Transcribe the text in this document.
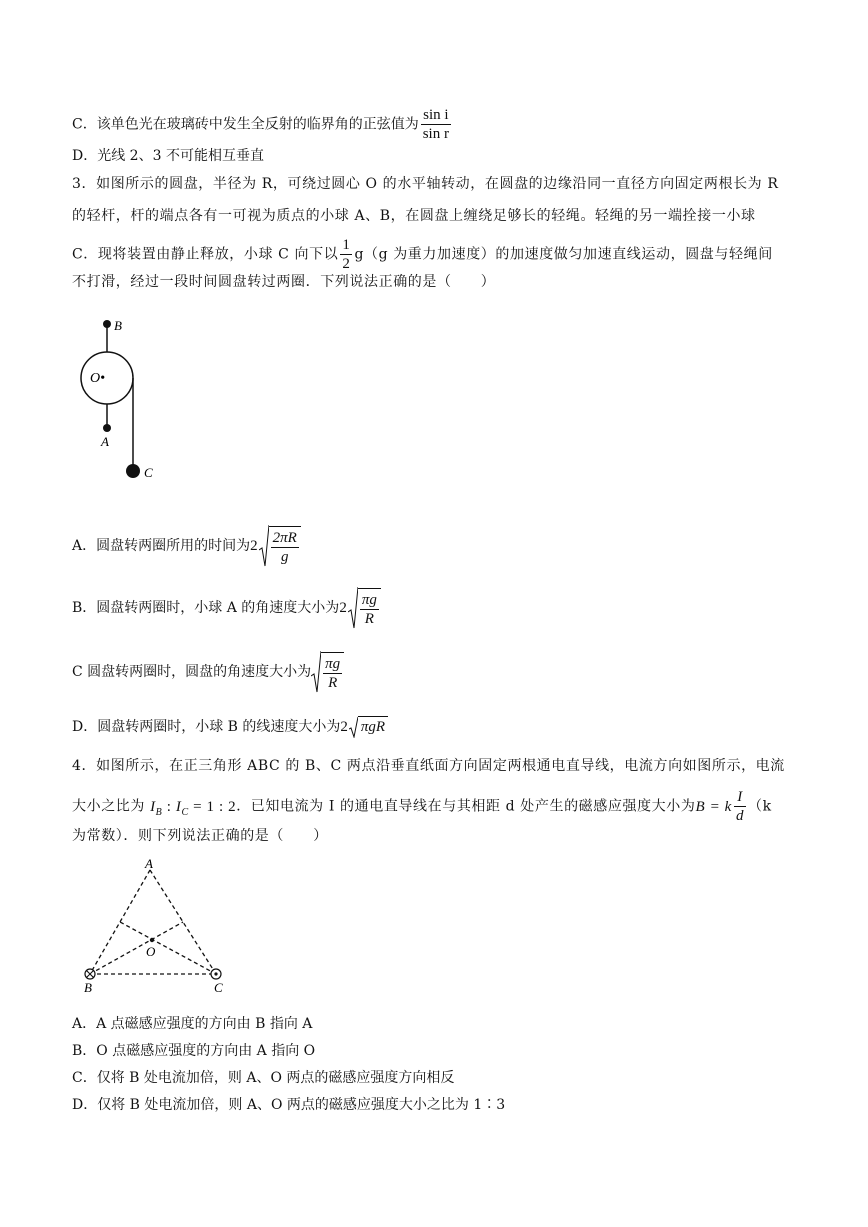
C．该单色光在玻璃砖中发生全反射的临界角的正弦值为 $\frac{\text{sin i}}{\text{sin r}}$
D．光线 2、3 不可能相互垂直
3．如图所示的圆盘，半径为 R，可绕过圆心 O 的水平轴转动，在圆盘的边缘沿同一直径方向固定两根长为 R
的轻杆，杆的端点各有一可视为质点的小球 A、B，在圆盘上缠绕足够长的轻绳。轻绳的另一端拴接一小球
C．现将装置由静止释放，小球 C 向下以 $\frac{1}{2} g(g$ 为重力加速度）的加速度做匀加速直线运动，圆盘与轻绳间
不打滑，经过一段时间圆盘转过两圈．下列说法正确的是（　　）
B
O•
A
C
A．圆盘转两圈所用的时间为 $2 \frac{2\pi R}{g}$
B．圆盘转两圈时，小球 A 的角速度大小为 $2 \frac{\pi g}{R}$
C 圆盘转两圈时，圆盘的角速度大小为 $\frac{\pi g}{R}$
D．圆盘转两圈时，小球 B 的线速度大小为 2 πgR
4．如图所示，在正三角形 ABC 的 B、C 两点沿垂直纸面方向固定两根通电直导线，电流方向如图所示，电流
大小之比为 $I_B$ : $I_C = 1$ : 2．已知电流为 I 的通电直导线在与其相距 d 处产生的磁感应强度大小为B = k $\frac{I}{d} (k$
为常数）．则下列说法正确的是（　　）
A
O
B	C
A．A 点磁感应强度的方向由 B 指向 A
B．O 点磁感应强度的方向由 A 指向 O
C．仅将 B 处电流加倍，则 A、O 两点的磁感应强度方向相反
D．仅将 B 处电流加倍，则 A、O 两点的磁感应强度大小之比为 1∶3
